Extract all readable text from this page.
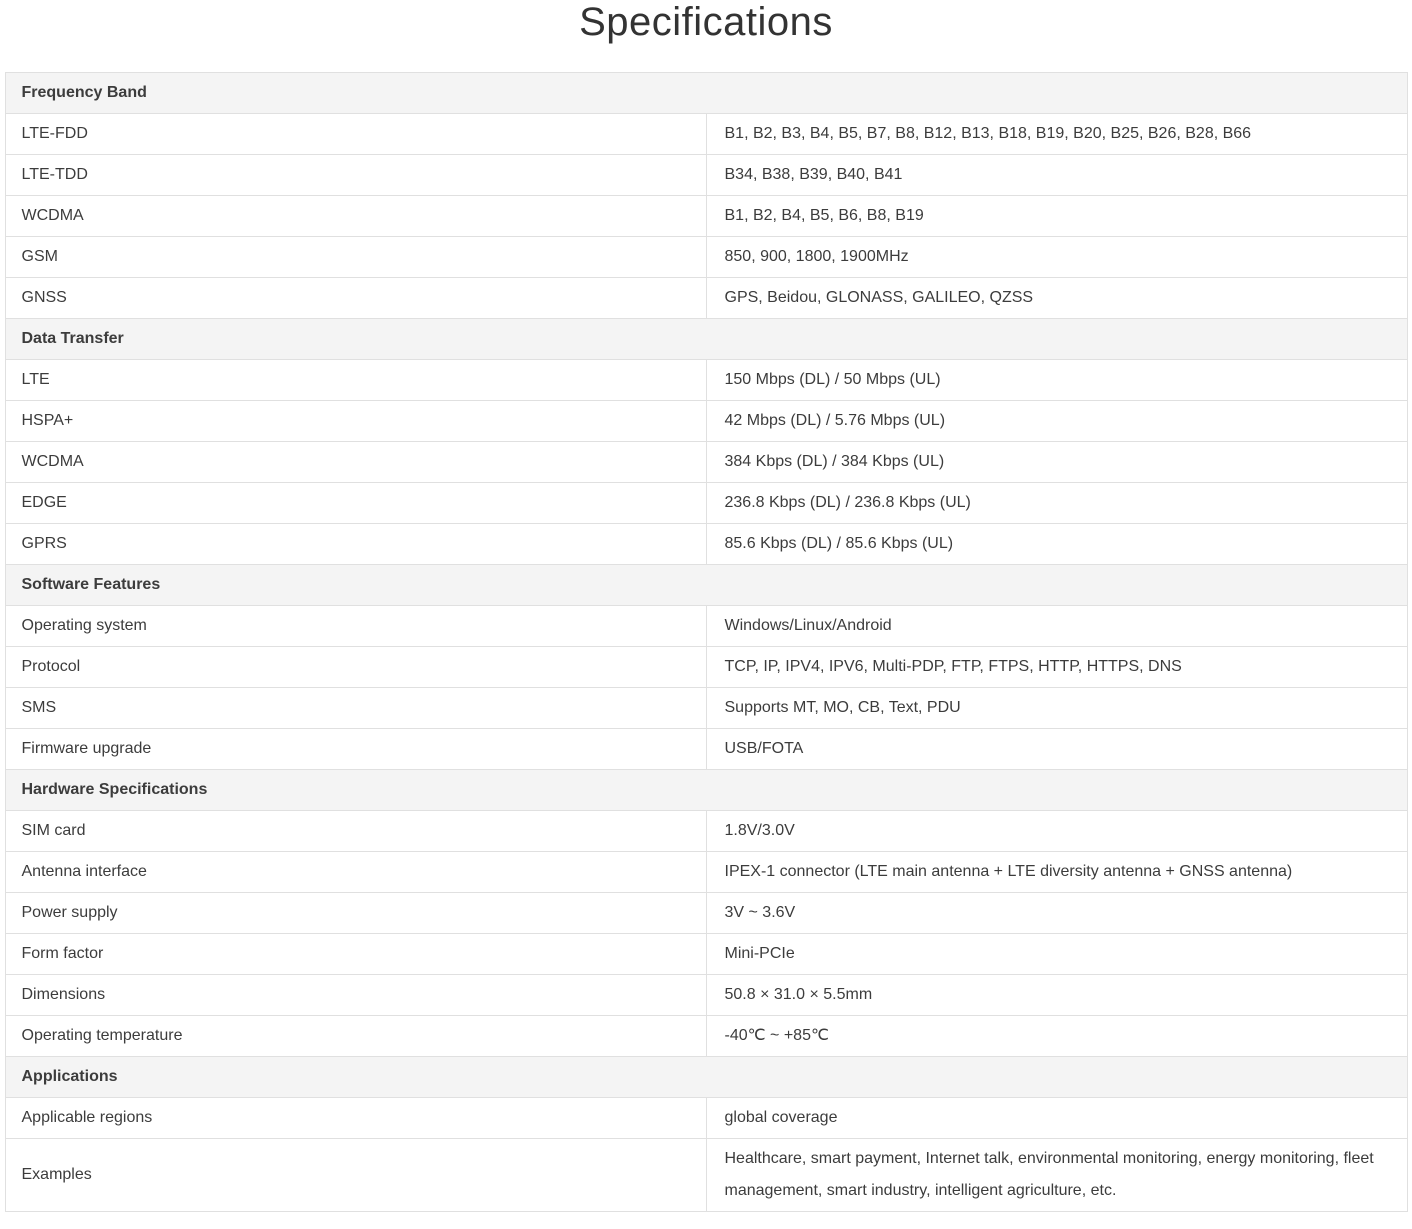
Specifications
Frequency Band	
LTE-FDD	B1, B2, B3, B4, B5, B7, B8, B12, B13, B18, B19, B20, B25, B26, B28, B66
LTE-TDD	B34, B38, B39, B40, B41
WCDMA	B1, B2, B4, B5, B6, B8, B19
GSM	850, 900, 1800, 1900MHz
GNSS	GPS, Beidou, GLONASS, GALILEO, QZSS
Data Transfer	
LTE	150 Mbps (DL) / 50 Mbps (UL)
HSPA+	42 Mbps (DL) / 5.76 Mbps (UL)
WCDMA	384 Kbps (DL) / 384 Kbps (UL)
EDGE	236.8 Kbps (DL) / 236.8 Kbps (UL)
GPRS	85.6 Kbps (DL) / 85.6 Kbps (UL)
Software Features	
Operating system	Windows/Linux/Android
Protocol	TCP, IP, IPV4, IPV6, Multi-PDP, FTP, FTPS, HTTP, HTTPS, DNS
SMS	Supports MT, MO, CB, Text, PDU
Firmware upgrade	USB/FOTA
Hardware Specifications	
SIM card	1.8V/3.0V
Antenna interface	IPEX-1 connector (LTE main antenna + LTE diversity antenna + GNSS antenna)
Power supply	3V ~ 3.6V
Form factor	Mini-PCIe
Dimensions	50.8 × 31.0 × 5.5mm
Operating temperature	-40℃ ~ +85℃
Applications	
Applicable regions	global coverage
Examples	Healthcare, smart payment, Internet talk, environmental monitoring, energy monitoring, fleet management, smart industry, intelligent agriculture, etc.
